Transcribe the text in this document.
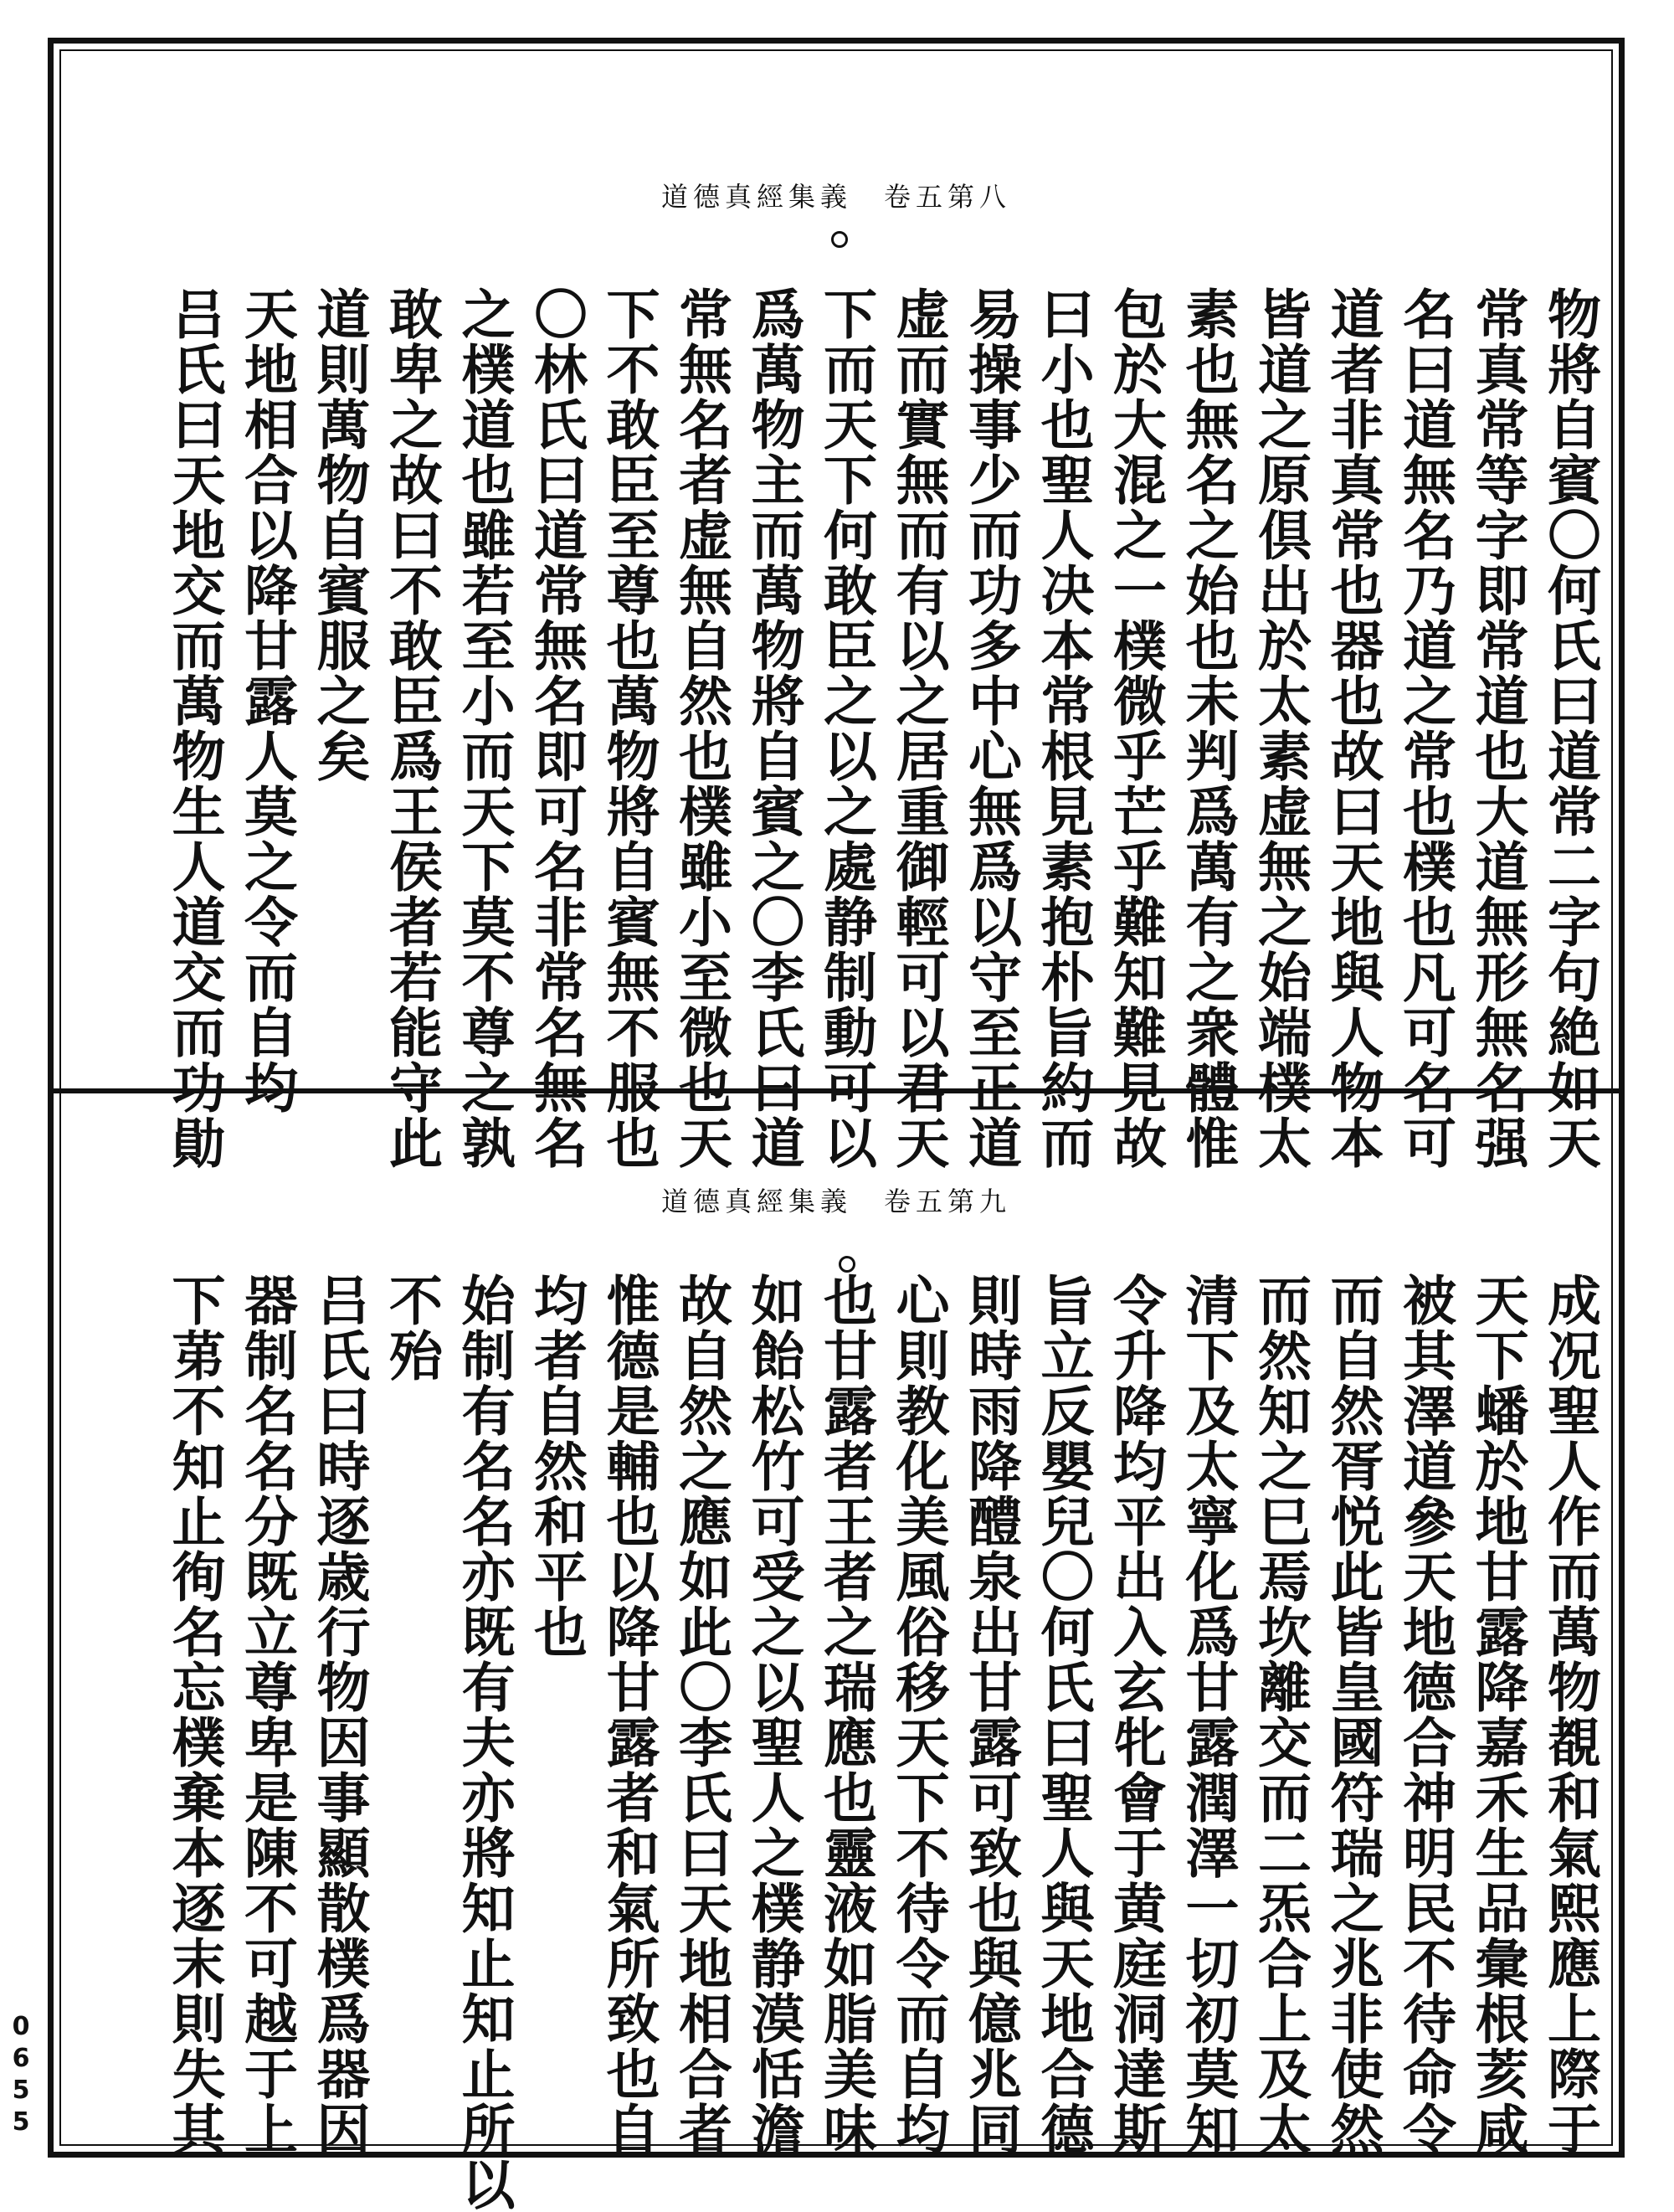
道德真經集義　卷五第八
物將自賓〇何氏曰道常二字句絶如天
常真常等字即常道也大道無形無名强
名曰道無名乃道之常也樸也凡可名可
道者非真常也器也故曰天地與人物本
皆道之原倶出於太素虚無之始端樸太
素也無名之始也未判爲萬有之衆體惟
包於大混之一樸微乎芒乎難知難見故
曰小也聖人决本常根見素抱朴旨約而
易操事少而功多中心無爲以守至正道
虚而實無而有以之居重御輕可以君天
下而天下何敢臣之以之處静制動可以
爲萬物主而萬物將自賓之〇李氏曰道
常無名者虚無自然也樸雖小至微也天
下不敢臣至尊也萬物將自賓無不服也
〇林氏曰道常無名即可名非常名無名
之樸道也雖若至小而天下莫不尊之孰
敢卑之故曰不敢臣爲王侯者若能守此
道則萬物自賓服之矣
天地相合以降甘露人莫之令而自均
吕氏曰天地交而萬物生人道交而功勛
道德真經集義　卷五第九
成况聖人作而萬物覩和氣熙應上際于
天下蟠於地甘露降嘉禾生品彙根荄咸
被其澤道參天地德合神明民不待命令
而自然胥悦此皆皇國符瑞之兆非使然
而然知之巳焉坎離交而二炁合上及太
清下及太寧化爲甘露潤澤一切初莫知
令升降均平出入玄牝會于黄庭洞達斯
旨立反嬰兒〇何氏曰聖人與天地合德
則時雨降醴泉出甘露可致也與億兆同
心則教化美風俗移天下不待令而自均
也甘露者王者之瑞應也靈液如脂美味
如飴松竹可受之以聖人之樸静漠恬澹
故自然之應如此〇李氏曰天地相合者
惟德是輔也以降甘露者和氣所致也自
均者自然和平也
始制有名名亦既有夫亦將知止知止所以
不殆
吕氏曰時逐歳行物因事顯散樸爲器因
器制名名分既立尊卑是陳不可越于上
下苐不知止徇名忘樸棄本逐末則失其
0
6
5
5
